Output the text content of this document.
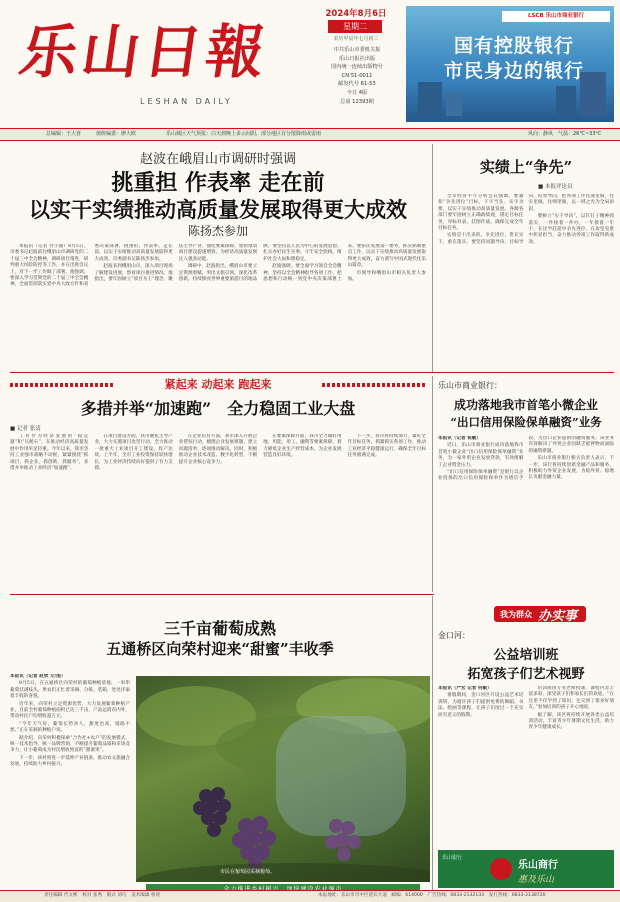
乐山日報
LESHAN DAILY
2024年8月6日
星期二
农历甲辰年七月初三
中共乐山市委机关报
乐山日报社出版
国内统一连续出版物号
CN 51-0011
邮发代号 61-53
今日 4版
总第 12393期
LSCB 乐山市商业银行
国有控股银行
市民身边的银行
总编辑：王大喜	值班编委：廖大欧	乐山城区天气预报：白天到晚上多云间阴，部分地区有分散降雨或雷雨	风向：静风 气温：26℃~33℃
赵波在峨眉山市调研时强调
挑重担 作表率 走在前
以实干实绩推动高质量发展取得更大成效
陈扬杰参加

本报讯（记者 付小渝）8月5日，市委书记赵波前往峨眉山市调研党的二十届三中全会精神，调研项目推进，研判重大风险防控等工作，并在出席会议上，对下一步工作做了部署。他强调，要深入学习贯彻党的二十届三中全会精神，全面贯彻落实党中央大政方针和省委决策部署，挑重担、作表率、走在前，以实干实绩推动高质量发展取得更大成效。市委副书记陈扬杰参加。

赵波来到峨眉山市，深入项目现场了解建设进展，察看项目推进情况。他指出，要牢固树立“项目为王”理念，聚焦主导产业，强化要素保障，加快推动项目建设提速增效，为经济高质量发展注入强劲动能。

调研中，赵波指出，峨眉山市要立足资源禀赋，突出文旅引领，深化改革创新，持续擦亮世界重要旅游目的地品牌。要坚持以人民为中心的发展思想，扎实办好民生实事，守牢安全底线，维护社会大局和谐稳定。

赵波强调，要全面学习领会全会精神，坚持以全会精神指导各项工作，把思想和行动统一到党中央决策部署上来。要扭住发展第一要务，抓实抓细重点工作，以实干实绩推动高质量发展取得更大成效，奋力谱写中国式现代化乐山篇章。

市领导和峨眉山市相关负责人参加。

实绩上“争先”
■ 本报评论员

全市经济半年分析会议强调，要紧扣“争先进位”目标，干字当头、实字为要，以实干实绩推动高质量发展。各级各部门要牢固树立正确政绩观，锚定目标任务，对标对表、挂图作战，确保完成全年目标任务。

实绩是干出来的。争先进位，贵在实干，重在落实。要坚持问题导向、目标导向、结果导向，把各项工作往深里做、往实里做、往细里做，以一域之光为全局添彩。

要树立“实干导向”，以钉钉子精神抓落实，一件接着一件办，一年接着一年干，在比学赶超中争先进位，在攻坚克难中彰显担当，奋力推动各项工作取得新成效。

紧起来 动起来 跑起来
多措并举“加速跑”　全力稳固工业大盘
■ 记者 张清

工业作为经济发展的“稳定器”和“压舱石”，在推动经济高质量发展中作用举足轻重。今年以来，我市坚持工业强市战略不动摇，紧紧围绕“抓项目、抓企业、抓创新、抓服务”，多措并举推动工业经济“加速跑”。

在项目建设方面，我市聚焦主导产业，大力实施项目攻坚行动，全力推动一批重大工业项目开工建设、投产达效。上半年，全市工业投资保持较快增长，为工业经济持续向好提供了有力支撑。

在企业培育方面，我市深入开展企业帮扶行动，梳理企业发展难题，建立问题清单，逐项推动解决。同时，积极推动企业技术改造、数字化转型，不断提升企业核心竞争力。

在要素保障方面，我市全力做好用地、用能、用工、融资等要素保障，着力降低企业生产经营成本，为企业发展营造良好环境。

下一步，我市将持续加力，紧盯全年目标任务，抓紧抓实各项工作，推动工业经济平稳健康运行，确保全年目标任务圆满完成。

乐山市商业银行：
成功落地我市首笔小微企业
“出口信用保险保单融资”业务

本报讯（记者 祝敏）

近日，乐山市商业银行成功落地我市首笔小微企业“出口信用保险保单融资”业务，为一家外贸企业发放贷款，有效缓解了企业资金压力。

“出口信用保险保单融资”是银行以企业投保的出口信用保险保单作为增信手段，为出口企业提供的融资服务。该业务有效解决了外贸企业因缺乏抵押物而面临的融资难题。

乐山市商业银行相关负责人表示，下一步，该行将持续创新金融产品和服务，积极助力外贸企业发展，为稳外贸、稳增长贡献金融力量。

三千亩葡萄成熟
五通桥区向荣村迎来“甜蜜”丰收季

本报讯（记者 赵欣 文/图）

8月5日，在五通桥区向荣村的葡萄种植基地，一串串葡萄挂满枝头，果农们正忙着采摘、分拣、装箱，处处洋溢着丰收的喜悦。

近年来，向荣村立足资源优势，大力发展葡萄种植产业，目前全村葡萄种植面积已达三千亩，产品远销省内外，带动村民户均增收超万元。

“今年天气好，葡萄长势喜人，甜度也高，销路不愁。”正在采摘的种植户说。

据介绍，向荣村积极探索“合作社+农户”的发展模式，统一技术指导、统一品牌营销，不断提升葡萄品质和市场竞争力，让小葡萄成为村民增收致富的“甜蜜果”。

下一步，该村将进一步延伸产业链条，推动农文旅融合发展，持续助力乡村振兴。

市民在葡萄园采摘葡萄。
我为群众 办实事
金口河：
公益培训班
拓宽孩子们艺术视野

本报讯（严宏 记者 何敏）

暑假期间，金口河区开设公益艺术培训班，为辖区孩子们提供免费的舞蹈、书法、绘画等课程，让孩子们度过一个充实而有意义的假期。

培训班由专业老师授课，课程内容丰富多彩，深受孩子们和家长们的欢迎。“在这里不仅学到了知识，还交到了很多好朋友。”参加培训的孩子开心地说。

据了解，该区将持续开展各类公益培训活动，丰富青少年暑期文化生活，助力青少年健康成长。

乐山银行
乐山商行
惠及乐山
责任编辑 代文彬　校对 张秀　版式 刘巧　美术编辑 鲁瑶	本报地址：乐山市市中区迎宾大道　邮编：614000　广告热线：0833-2132133　发行热线：0833-2138720
